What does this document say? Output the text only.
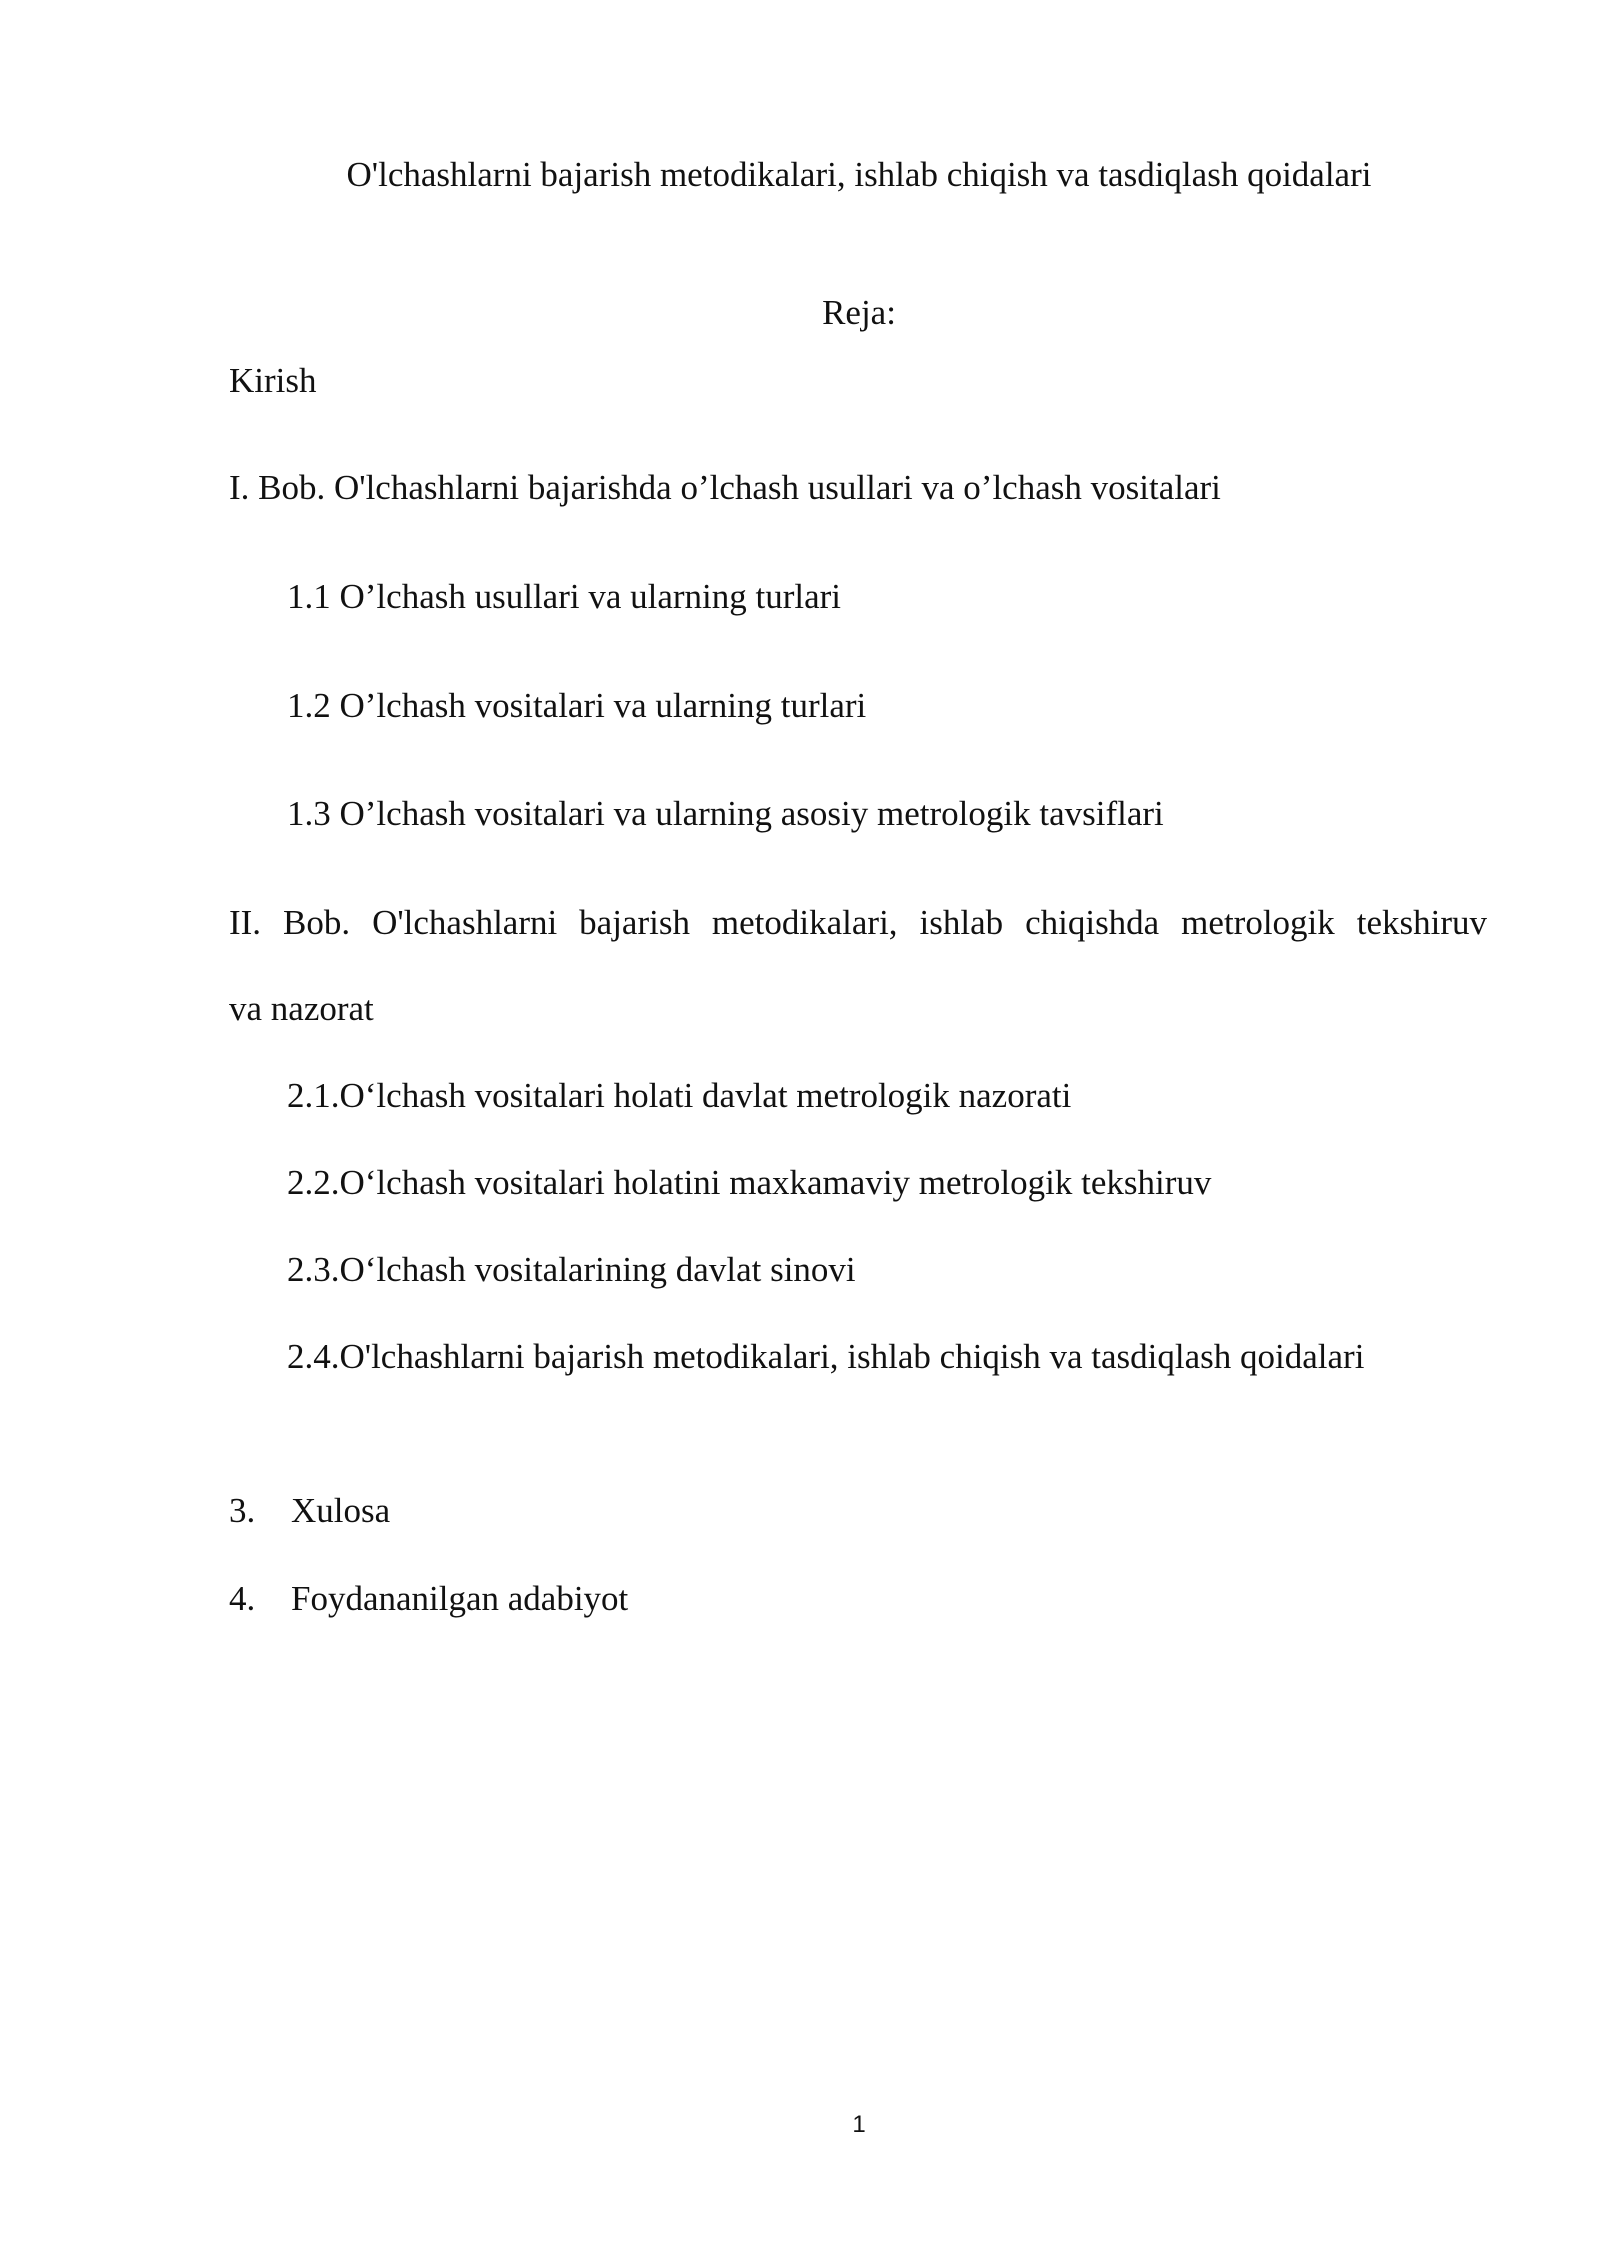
O'lchashlarni bajarish metodikalari, ishlab chiqish va tasdiqlash qoidalari
Reja:
Kirish
I. Bob. O'lchashlarni bajarishda o’lchash usullari va o’lchash vositalari
1.1 O’lchash usullari va ularning turlari
1.2 O’lchash vositalari va ularning turlari
1.3 O’lchash vositalari va ularning asosiy metrologik tavsiflari
II. Bob. O'lchashlarni bajarish metodikalari, ishlab chiqishda metrologik tekshiruv
va nazorat
2.1.O‘lchash vositalari holati davlat metrologik nazorati
2.2.O‘lchash vositalari holatini maxkamaviy metrologik tekshiruv
2.3.O‘lchash vositalarining davlat sinovi
2.4.O'lchashlarni bajarish metodikalari, ishlab chiqish va tasdiqlash qoidalari
3. Xulosa
4. Foydananilgan adabiyot
1
